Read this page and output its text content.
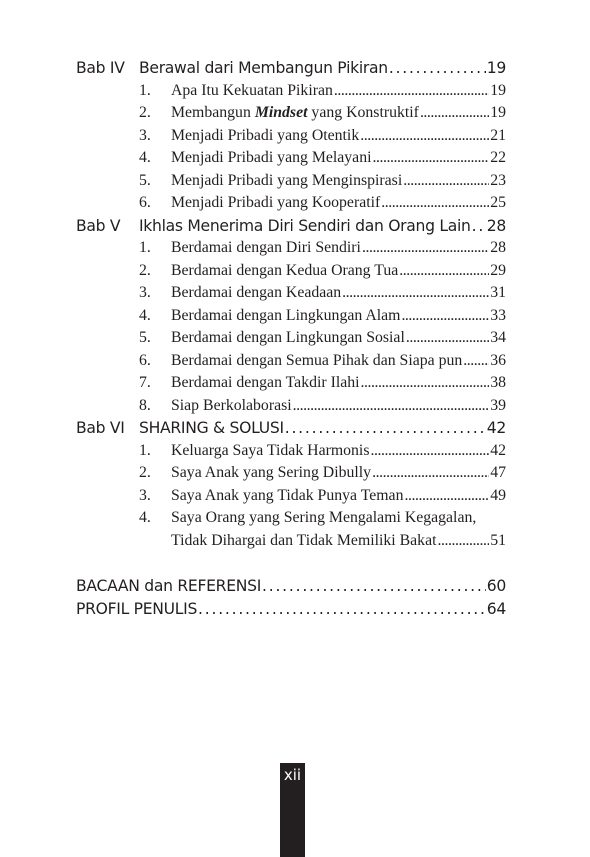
Bab IV Berawal dari Membangun Pikiran . . .	19
1.	Apa Itu Kekuatan Pikiran . . .	19
2.	Membangun Mindset yang Konstruktif . . .	19
3.	Menjadi Pribadi yang Otentik . . .	21
4.	Menjadi Pribadi yang Melayani . . .	22
5.	Menjadi Pribadi yang Menginspirasi . . .	23
6.	Menjadi Pribadi yang Kooperatif . . .	25
Bab V	Ikhlas Menerima Diri Sendiri dan Orang Lain . . . 28
1.	Berdamai dengan Diri Sendiri . . .	28
2.	Berdamai dengan Kedua Orang Tua . . .	29
3.	Berdamai dengan Keadaan . . .	31
4.	Berdamai dengan Lingkungan Alam . . .	33
5.	Berdamai dengan Lingkungan Sosial . . .	34
6.	Berdamai dengan Semua Pihak dan Siapa pun . . . 36
7.	Berdamai dengan Takdir Ilahi . . .	38
8.	Siap Berkolaborasi . . .	39
Bab VI SHARING & SOLUSI . . .	42
1.	Keluarga Saya Tidak Harmonis . . .	42
2.	Saya Anak yang Sering Dibully . . .	47
3.	Saya Anak yang Tidak Punya Teman . . .	49
4.	Saya Orang yang Sering Mengalami Kegagalan,
Tidak Dihargai dan Tidak Memiliki Bakat . . .	51
BACAAN dan REFERENSI . . .	60
PROFIL PENULIS . . .	64
xii
